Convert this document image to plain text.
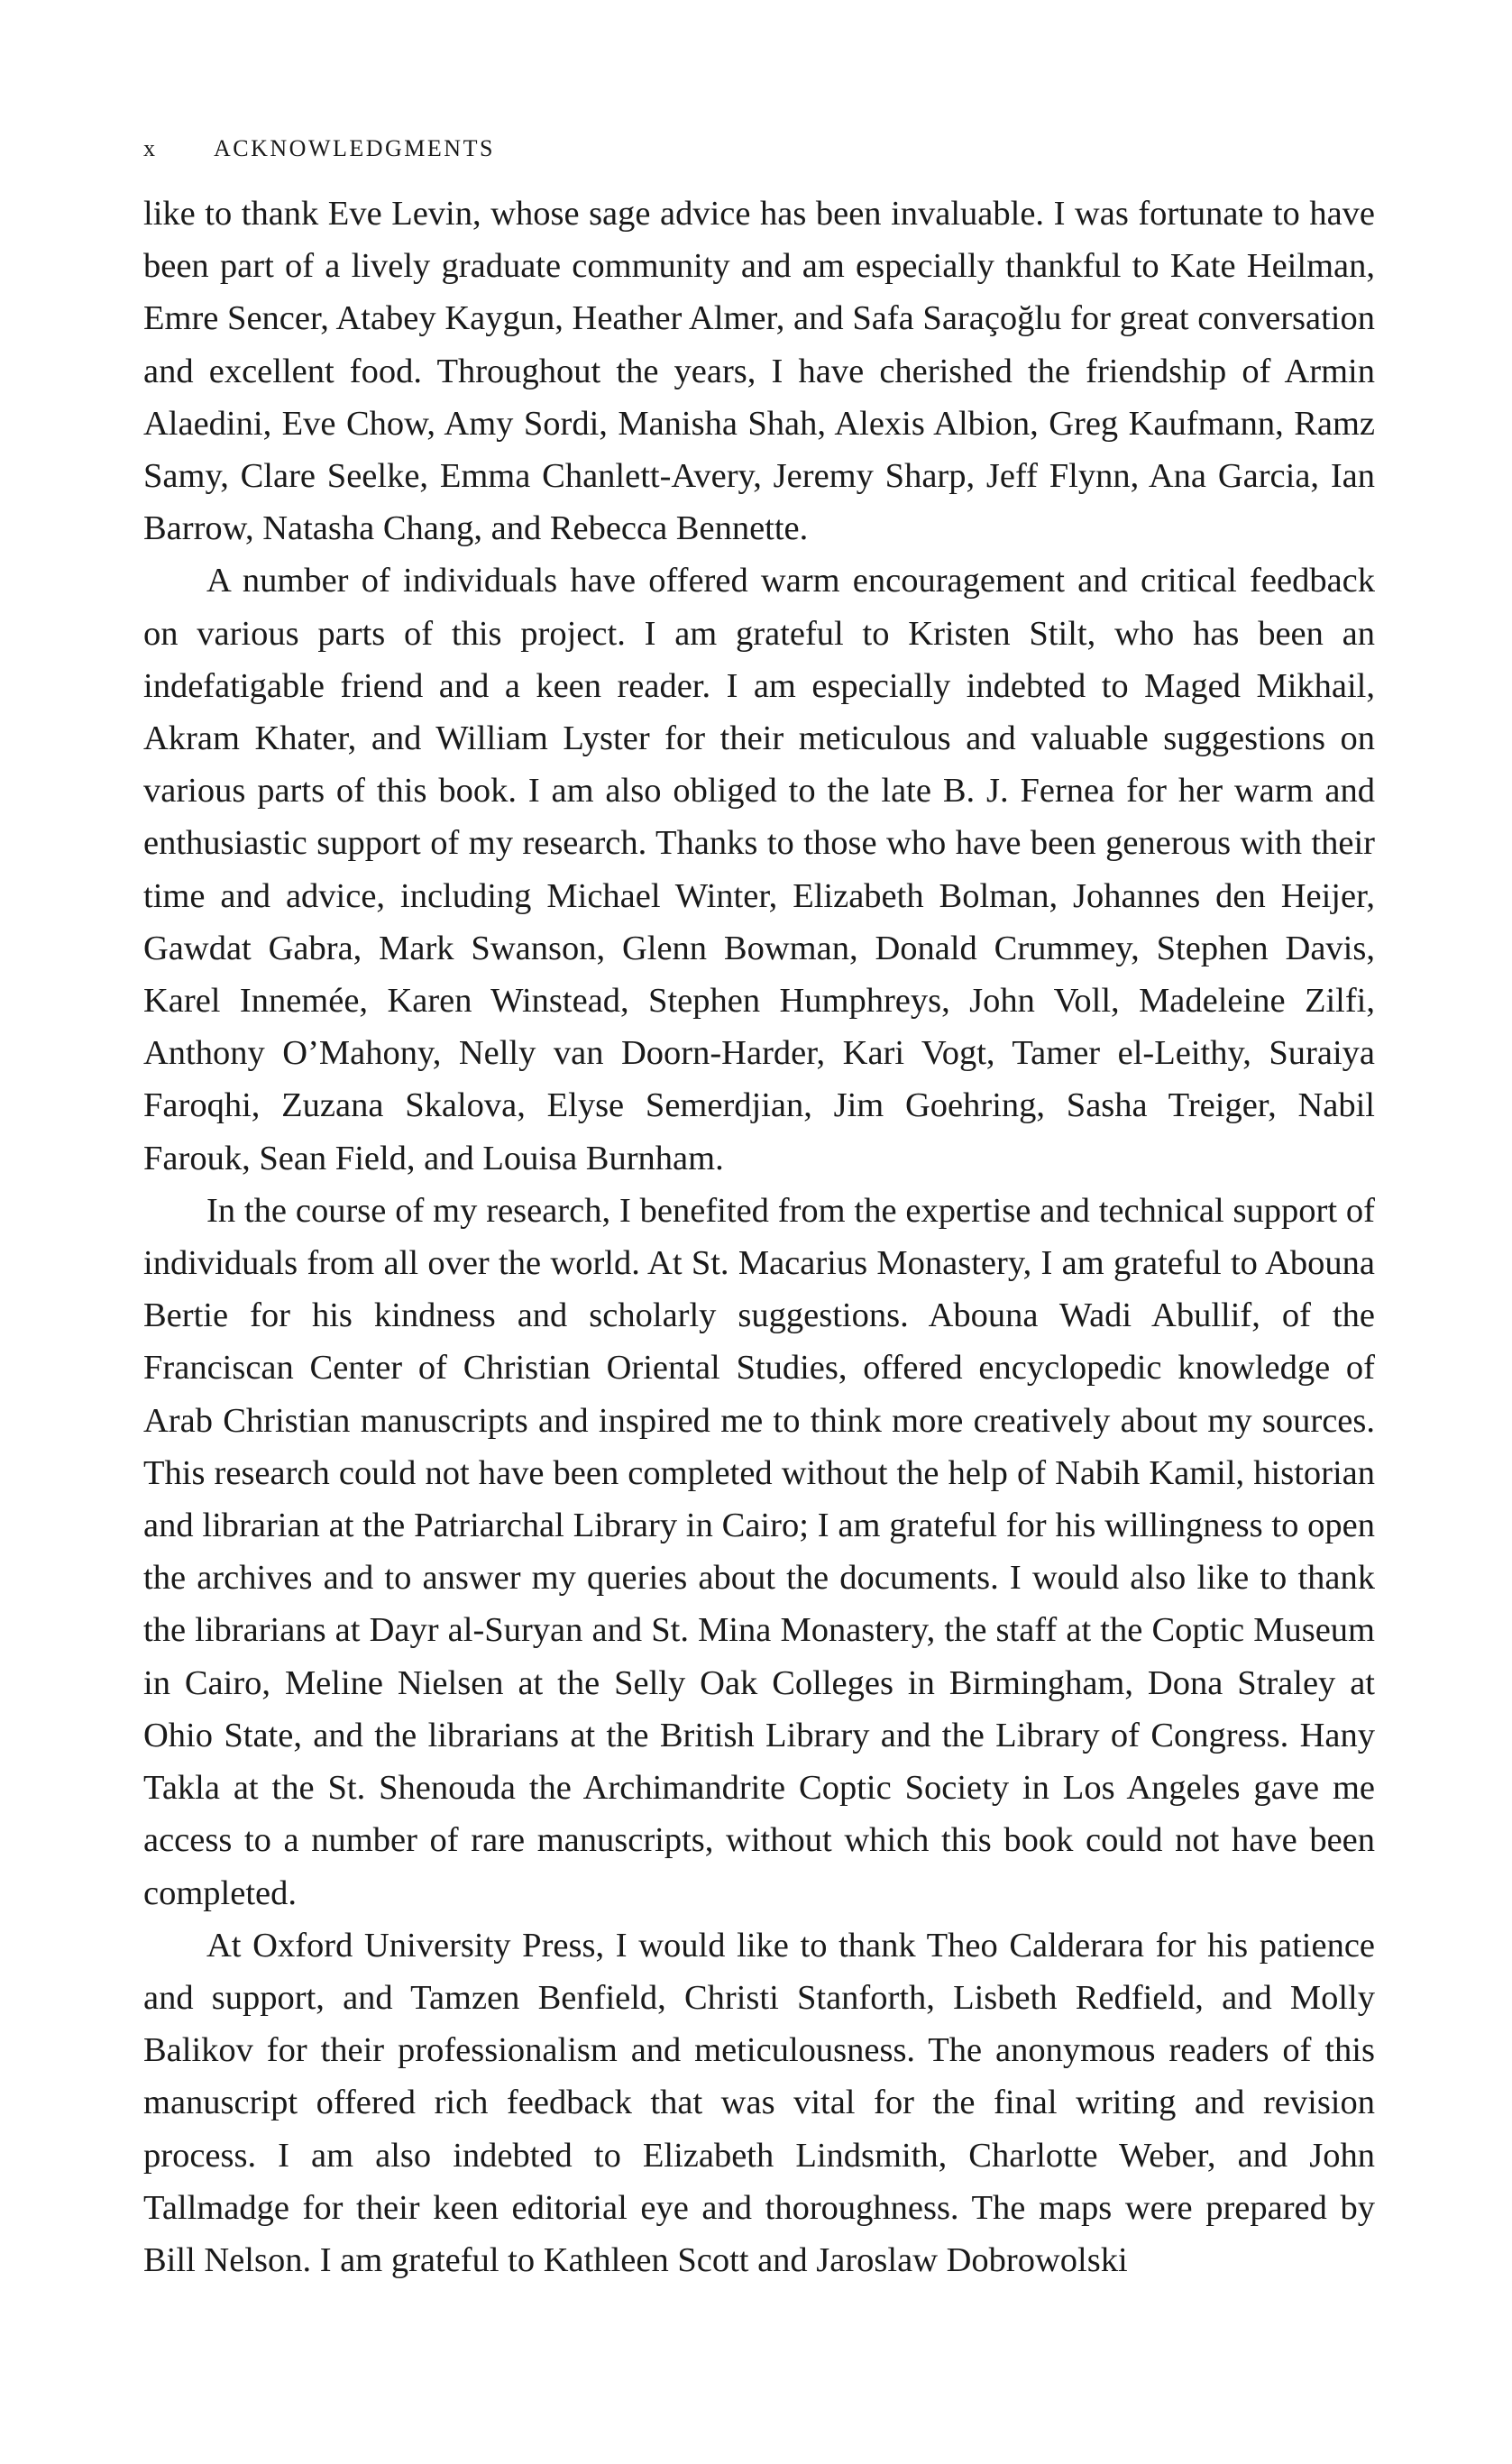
x ACKNOWLEDGMENTS

like to thank Eve Levin, whose sage advice has been invaluable. I was fortunate to have been part of a lively graduate community and am especially thankful to Kate Heilman, Emre Sencer, Atabey Kaygun, Heather Almer, and Safa Saraçoğlu for great conversation and excellent food. Throughout the years, I have cherished the friendship of Armin Alaedini, Eve Chow, Amy Sordi, Manisha Shah, Alexis Albion, Greg Kaufmann, Ramz Samy, Clare Seelke, Emma Chanlett-Avery, Jeremy Sharp, Jeff Flynn, Ana Garcia, Ian Barrow, Natasha Chang, and Rebecca Bennette.

A number of individuals have offered warm encouragement and critical feedback on various parts of this project. I am grateful to Kristen Stilt, who has been an indefatigable friend and a keen reader. I am especially indebted to Maged Mikhail, Akram Khater, and William Lyster for their meticulous and valuable suggestions on various parts of this book. I am also obliged to the late B. J. Fernea for her warm and enthusiastic support of my research. Thanks to those who have been generous with their time and advice, including Michael Winter, Elizabeth Bolman, Johannes den Heijer, Gawdat Gabra, Mark Swanson, Glenn Bowman, Donald Crummey, Stephen Davis, Karel Innemée, Karen Winstead, Stephen Humphreys, John Voll, Madeleine Zilfi, Anthony O’Mahony, Nelly van Doorn-Harder, Kari Vogt, Tamer el-Leithy, Suraiya Faroqhi, Zuzana Skalova, Elyse Semerdjian, Jim Goehring, Sasha Treiger, Nabil Farouk, Sean Field, and Louisa Burnham.

In the course of my research, I benefited from the expertise and technical support of individuals from all over the world. At St. Macarius Monastery, I am grateful to Abouna Bertie for his kindness and scholarly suggestions. Abouna Wadi Abullif, of the Franciscan Center of Christian Oriental Studies, offered encyclopedic knowledge of Arab Christian manuscripts and inspired me to think more creatively about my sources. This research could not have been completed without the help of Nabih Kamil, historian and librarian at the Patriarchal Library in Cairo; I am grateful for his willingness to open the archives and to answer my queries about the documents. I would also like to thank the librarians at Dayr al-Suryan and St. Mina Monastery, the staff at the Coptic Museum in Cairo, Meline Nielsen at the Selly Oak Colleges in Birmingham, Dona Straley at Ohio State, and the librarians at the British Library and the Library of Congress. Hany Takla at the St. Shenouda the Archimandrite Coptic Society in Los Angeles gave me access to a number of rare manuscripts, without which this book could not have been completed.

At Oxford University Press, I would like to thank Theo Calderara for his patience and support, and Tamzen Benfield, Christi Stanforth, Lisbeth Redfield, and Molly Balikov for their professionalism and meticulousness. The anonymous readers of this manuscript offered rich feedback that was vital for the final writing and revision process. I am also indebted to Elizabeth Lindsmith, Charlotte Weber, and John Tallmadge for their keen editorial eye and thoroughness. The maps were prepared by Bill Nelson. I am grateful to Kathleen Scott and Jaroslaw Dobrowolski
